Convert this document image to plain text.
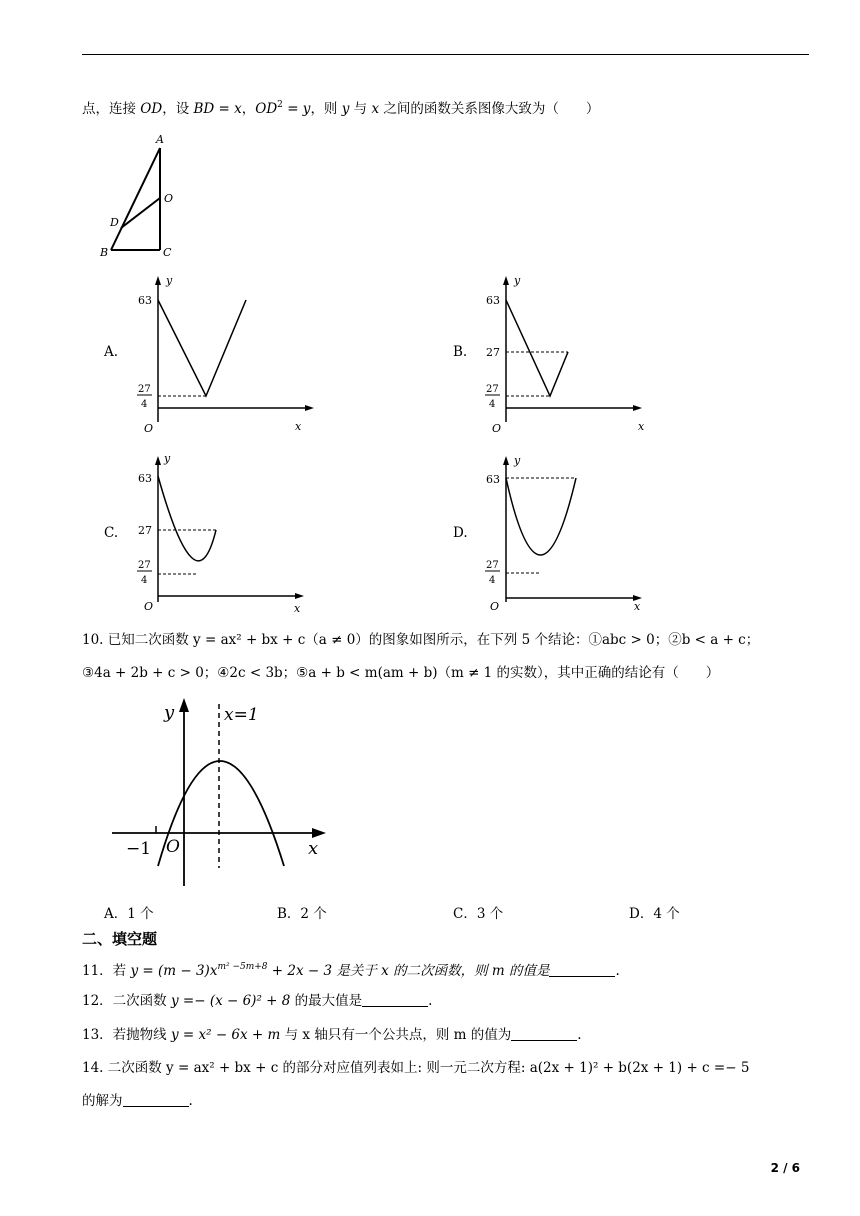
点，连接 OD，设 BD = x，$OD^2 = y$，则 y 与 x 之间的函数关系图像大致为（　　）
A
O
D
B	C
A.	B.
C.	D.
y
x
O
63
27
4
y
x
O
63
27
27
4
y
x
O
63
27
27
4
y
x
O
63
27
4
10. 已知二次函数 y = ax² + bx + c（a ≠ 0）的图象如图所示，在下列 5 个结论：①abc > 0；②b < a + c；
③4a + 2b + c > 0；④2c < 3b；⑤a + b < m(am + b)（m ≠ 1 的实数），其中正确的结论有（　　）
y
x
x=1
−1 O
A．1 个	B．2 个	C．3 个	D．4 个
二、填空题
11．若 $y = (m - 3)x^{m^2 -5m+8} + 2x - 3$ 是关于 x 的二次函数，则 m 的值是	.
12．二次函数 y =− (x − 6)² + 8 的最大值是	.
13．若抛物线 y = x² − 6x + m 与 x 轴只有一个公共点，则 m 的值为	.
14. 二次函数 y = ax² + bx + c 的部分对应值列表如上: 则一元二次方程: a(2x + 1)² + b(2x + 1) + c =− 5
的解为	.
2 / 6
